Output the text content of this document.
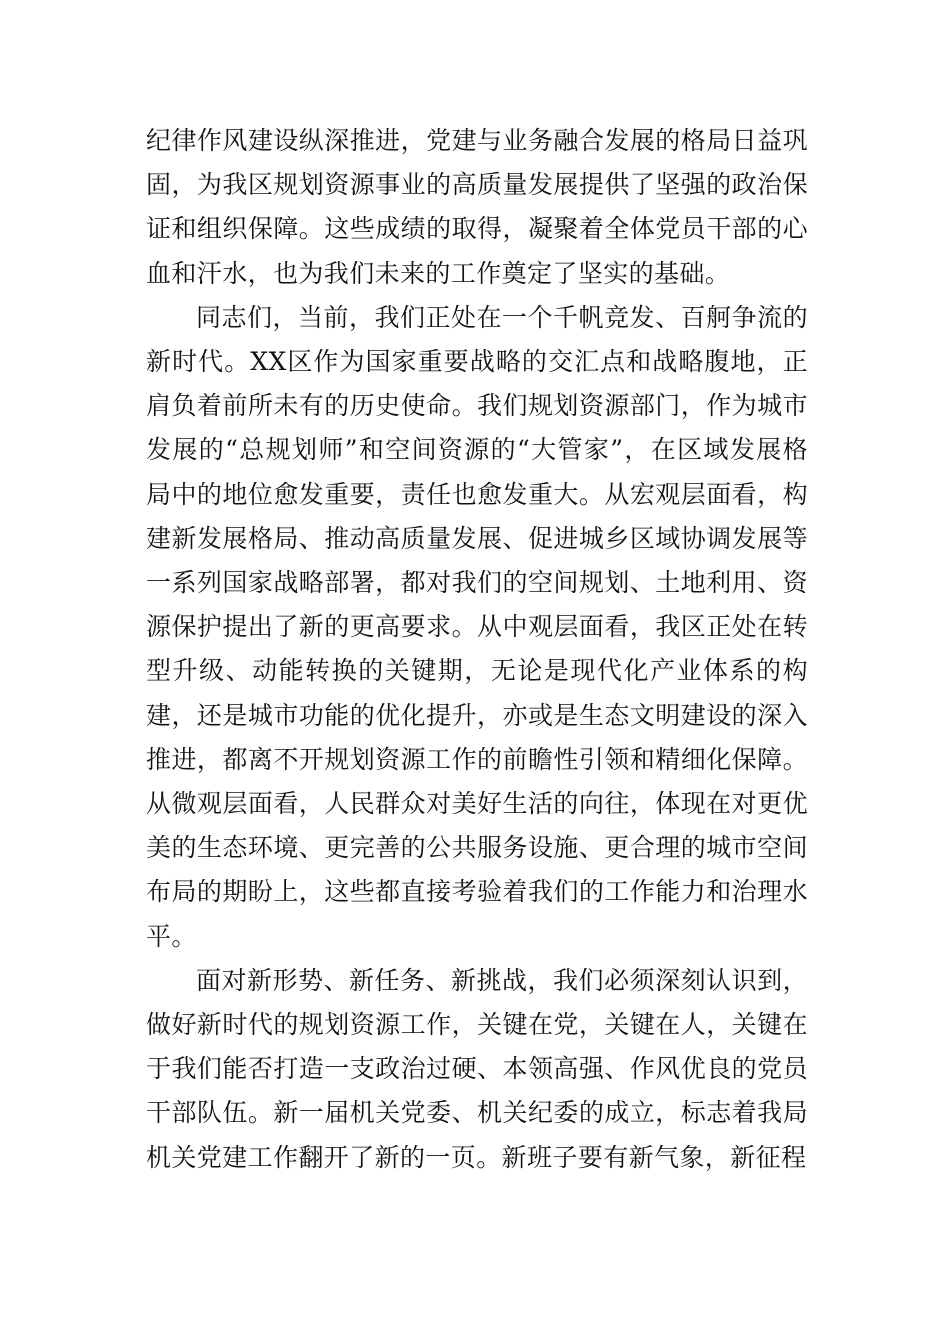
纪律作风建设纵深推进，党建与业务融合发展的格局日益巩固，为我区规划资源事业的高质量发展提供了坚强的政治保证和组织保障。这些成绩的取得，凝聚着全体党员干部的心血和汗水，也为我们未来的工作奠定了坚实的基础。

同志们，当前，我们正处在一个千帆竞发、百舸争流的新时代。XX区作为国家重要战略的交汇点和战略腹地，正肩负着前所未有的历史使命。我们规划资源部门，作为城市发展的“总规划师”和空间资源的“大管家”，在区域发展格局中的地位愈发重要，责任也愈发重大。从宏观层面看，构建新发展格局、推动高质量发展、促进城乡区域协调发展等一系列国家战略部署，都对我们的空间规划、土地利用、资源保护提出了新的更高要求。从中观层面看，我区正处在转型升级、动能转换的关键期，无论是现代化产业体系的构建，还是城市功能的优化提升，亦或是生态文明建设的深入推进，都离不开规划资源工作的前瞻性引领和精细化保障。从微观层面看，人民群众对美好生活的向往，体现在对更优美的生态环境、更完善的公共服务设施、更合理的城市空间布局的期盼上，这些都直接考验着我们的工作能力和治理水平。

面对新形势、新任务、新挑战，我们必须深刻认识到，做好新时代的规划资源工作，关键在党，关键在人，关键在于我们能否打造一支政治过硬、本领高强、作风优良的党员干部队伍。新一届机关党委、机关纪委的成立，标志着我局机关党建工作翻开了新的一页。新班子要有新气象，新征程
